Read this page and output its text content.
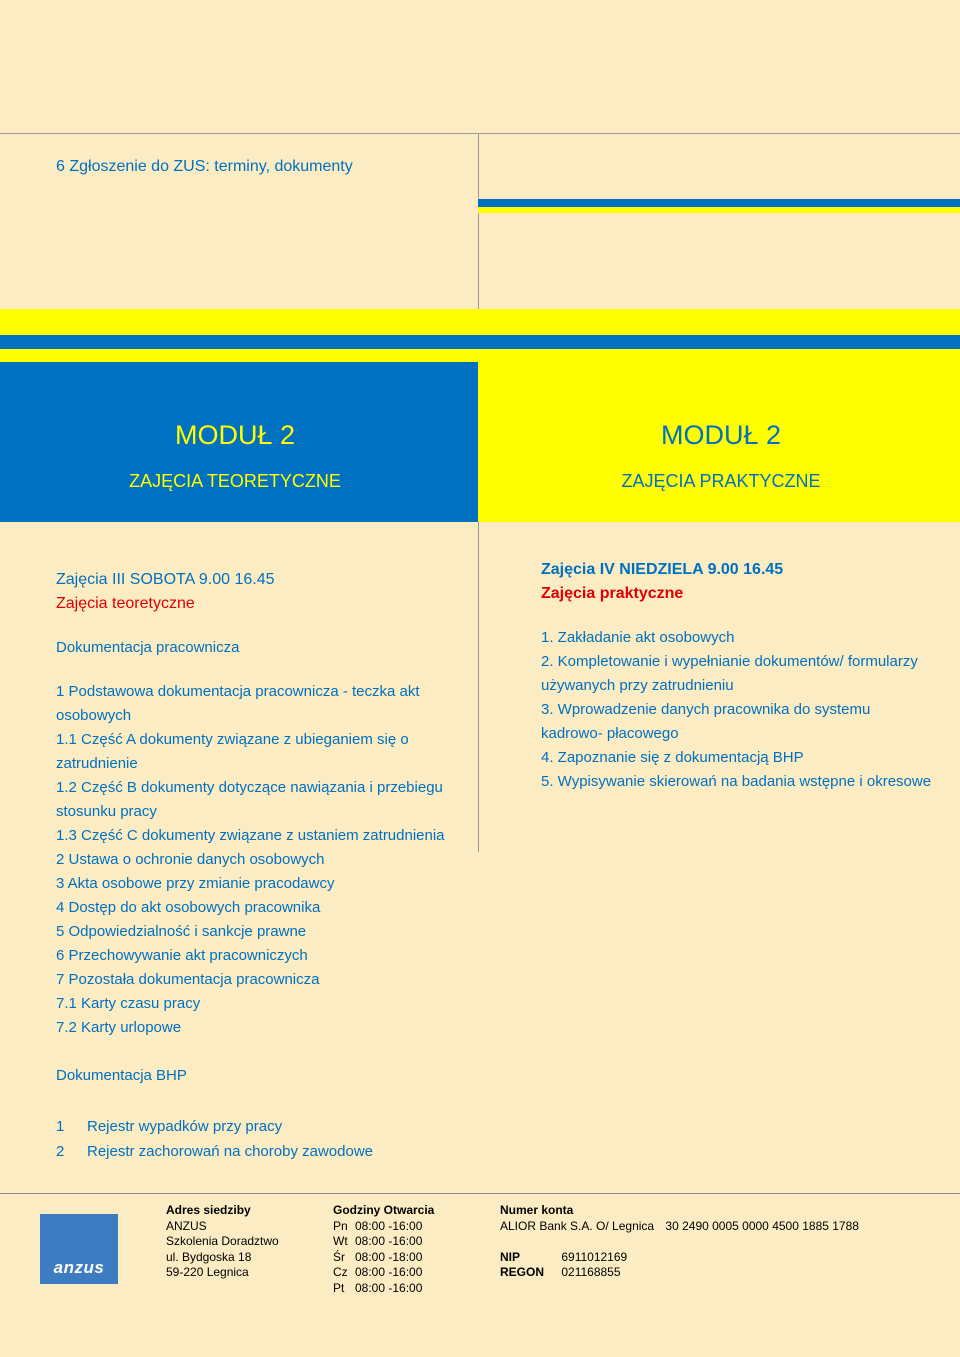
6 Zgłoszenie do ZUS: terminy, dokumenty
MODUŁ 2
ZAJĘCIA TEORETYCZNE
MODUŁ 2
ZAJĘCIA PRAKTYCZNE
Zajęcia III SOBOTA 9.00 16.45
Zajęcia teoretyczne
Dokumentacja pracownicza
1 Podstawowa dokumentacja pracownicza - teczka akt
osobowych
1.1 Część A dokumenty związane z ubieganiem się o
zatrudnienie
1.2 Część B dokumenty dotyczące nawiązania i przebiegu
stosunku pracy
1.3 Część C dokumenty związane z ustaniem zatrudnienia
2 Ustawa o ochronie danych osobowych
3 Akta osobowe przy zmianie pracodawcy
4 Dostęp do akt osobowych pracownika
5 Odpowiedzialność i sankcje prawne
6 Przechowywanie akt pracowniczych
7 Pozostała dokumentacja pracownicza
7.1 Karty czasu pracy
7.2 Karty urlopowe
Dokumentacja BHP
1 Rejestr wypadków przy pracy
2 Rejestr zachorowań na choroby zawodowe
Zajęcia IV NIEDZIELA 9.00 16.45
Zajęcia praktyczne
1. Zakładanie akt osobowych
2. Kompletowanie i wypełnianie dokumentów/ formularzy
używanych przy zatrudnieniu
3. Wprowadzenie danych pracownika do systemu
kadrowo- płacowego
4. Zapoznanie się z dokumentacją BHP
5. Wypisywanie skierowań na badania wstępne i okresowe
anzus
Adres siedziby
ANZUS
Szkolenia Doradztwo
ul. Bydgoska 18
59-220 Legnica
Godziny Otwarcia
Pn 08:00 -16:00
Wt 08:00 -16:00
Śr 08:00 -18:00
Cz 08:00 -16:00
Pt 08:00 -16:00
Numer konta
ALIOR Bank S.A. O/ Legnica 30 2490 0005 0000 4500 1885 1788
NIP	6911012169
REGON 021168855
